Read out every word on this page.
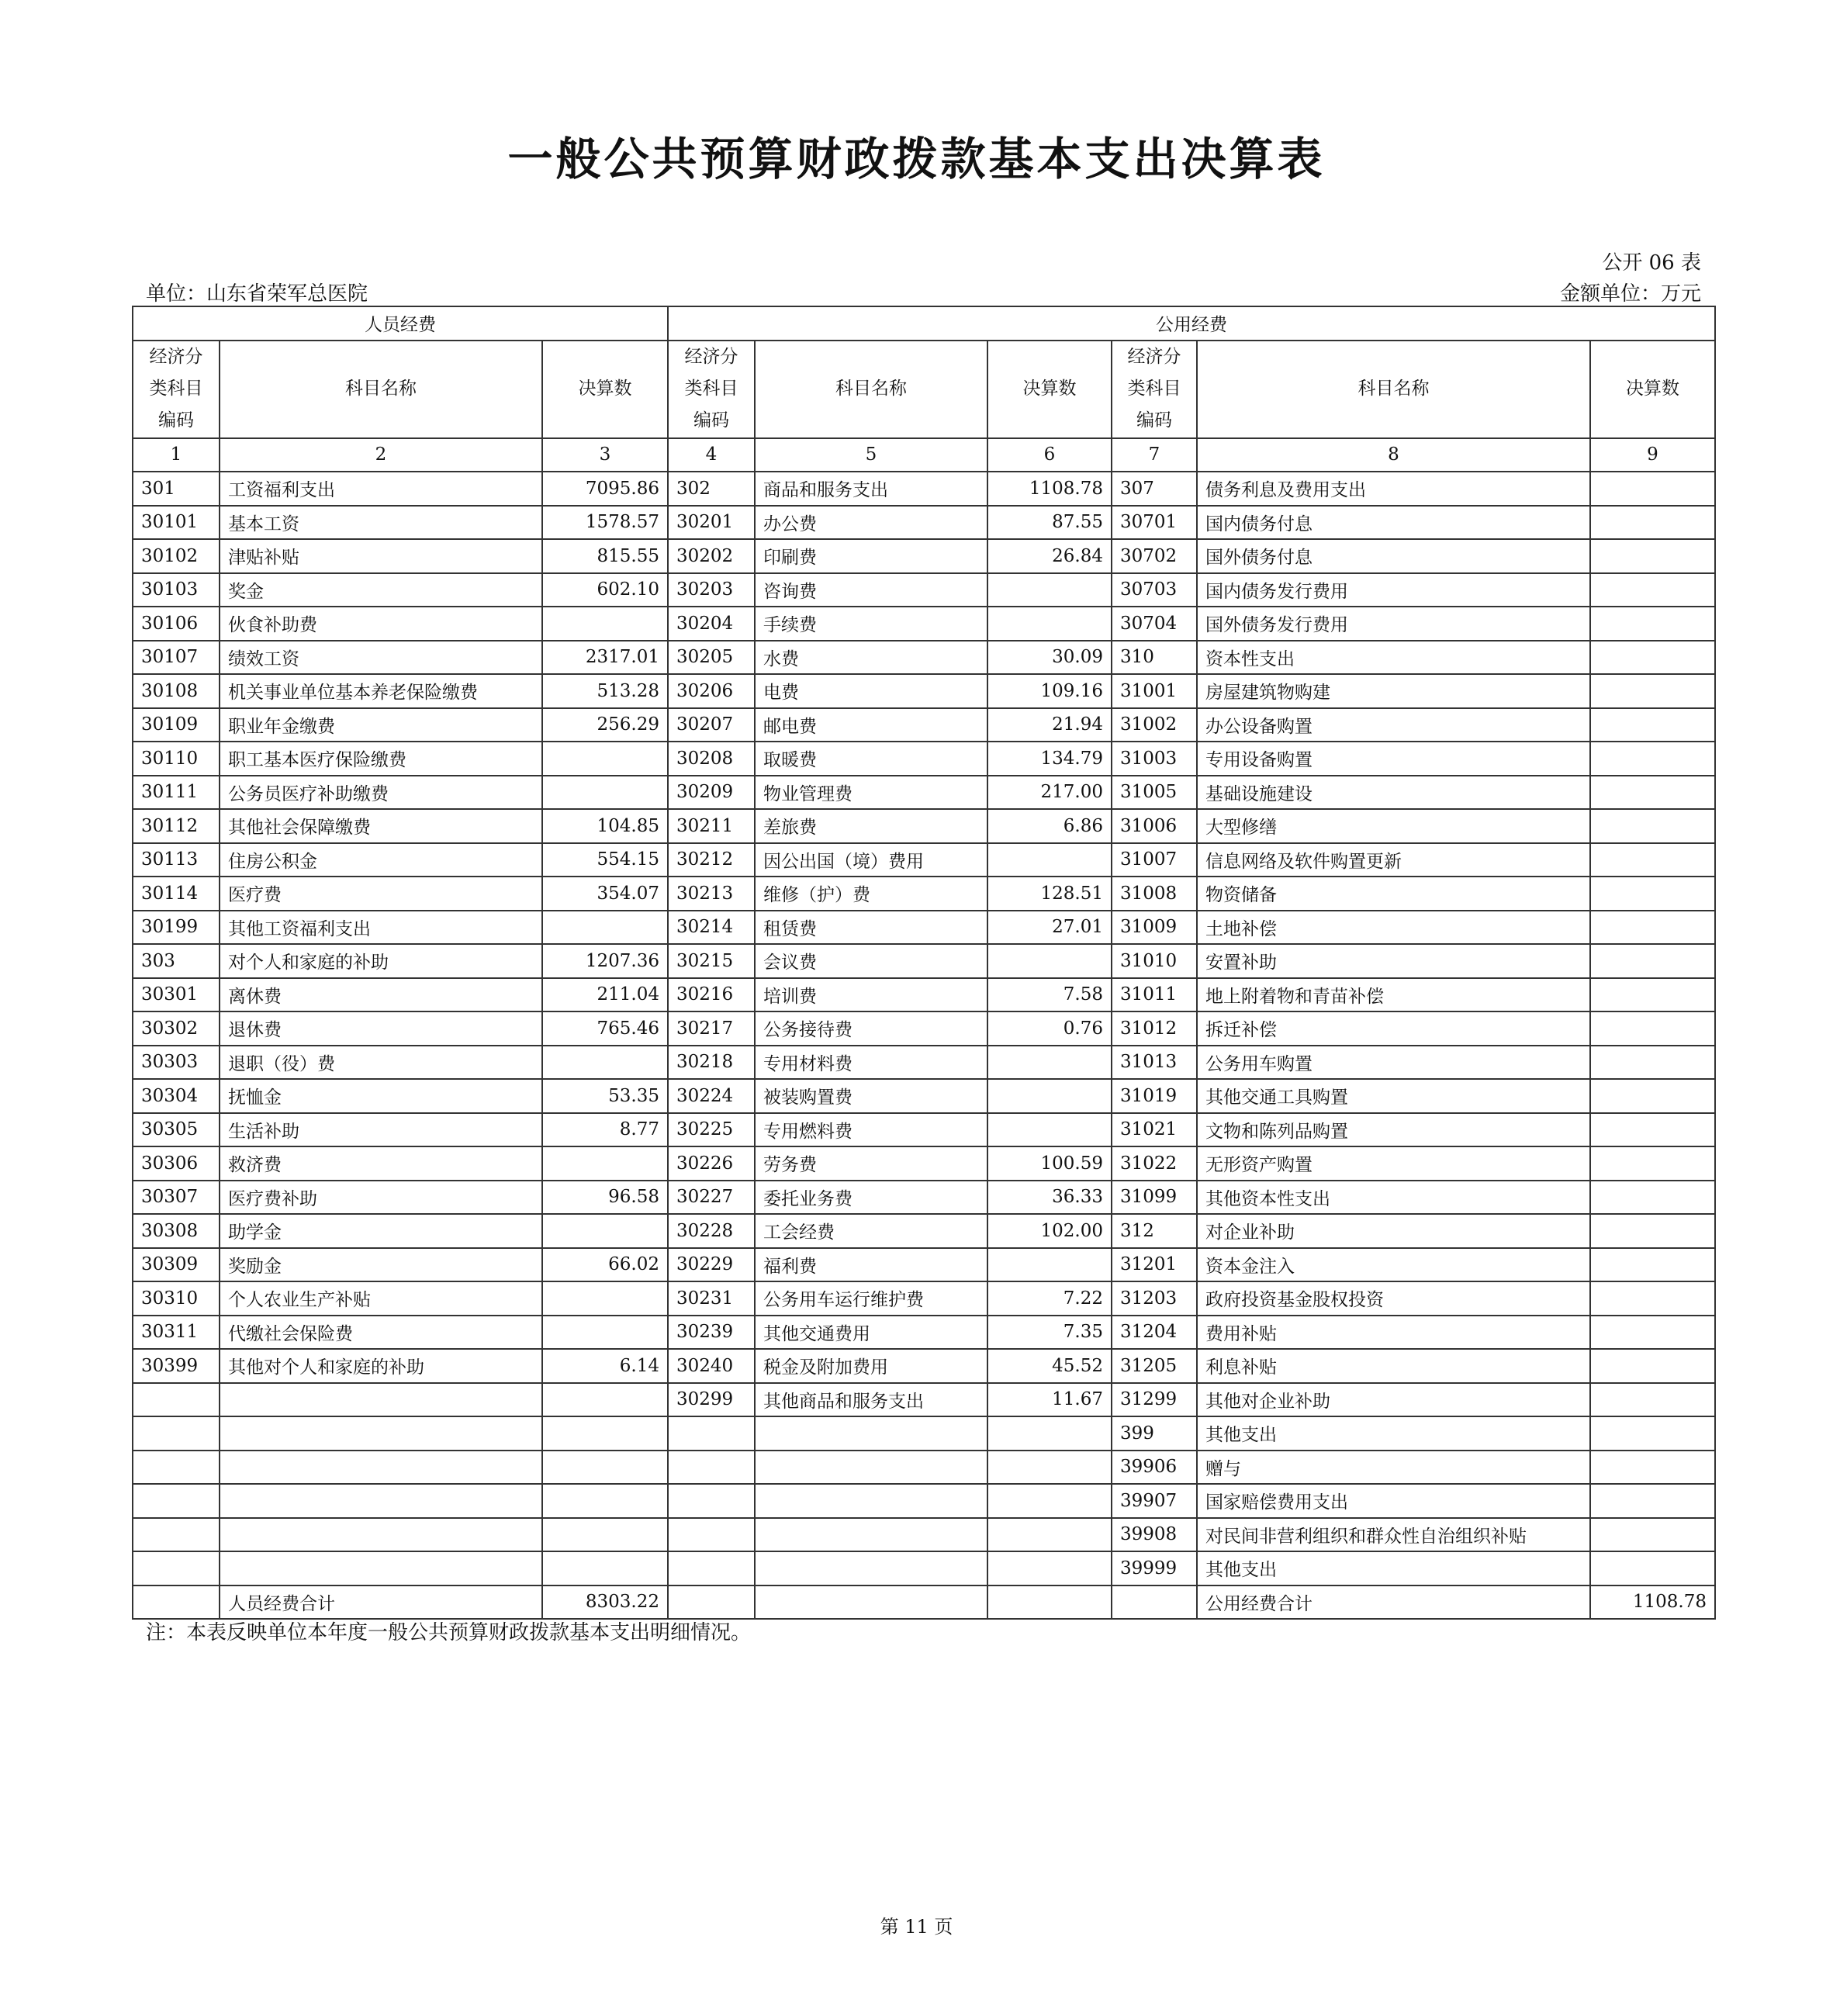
一般公共预算财政拨款基本支出决算表
公开 06 表
单位：山东省荣军总医院	金额单位：万元
人员经费			公用经费					
经济分类科目编码	科目名称	决算数	经济分类科目编码	科目名称	决算数	经济分类科目编码	科目名称	决算数
1	2	3	4	5	6	7	8	9
301	工资福利支出	7095.86	302	商品和服务支出	1108.78	307	债务利息及费用支出	
30101	基本工资	1578.57	30201	办公费	87.55	30701	国内债务付息	
30102	津贴补贴	815.55	30202	印刷费	26.84	30702	国外债务付息	
30103	奖金	602.10	30203	咨询费		30703	国内债务发行费用	
30106	伙食补助费		30204	手续费		30704	国外债务发行费用	
30107	绩效工资	2317.01	30205	水费	30.09	310	资本性支出	
30108	机关事业单位基本养老保险缴费	513.28	30206	电费	109.16	31001	房屋建筑物购建	
30109	职业年金缴费	256.29	30207	邮电费	21.94	31002	办公设备购置	
30110	职工基本医疗保险缴费		30208	取暖费	134.79	31003	专用设备购置	
30111	公务员医疗补助缴费		30209	物业管理费	217.00	31005	基础设施建设	
30112	其他社会保障缴费	104.85	30211	差旅费	6.86	31006	大型修缮	
30113	住房公积金	554.15	30212	因公出国（境）费用		31007	信息网络及软件购置更新	
30114	医疗费	354.07	30213	维修（护）费	128.51	31008	物资储备	
30199	其他工资福利支出		30214	租赁费	27.01	31009	土地补偿	
303	对个人和家庭的补助	1207.36	30215	会议费		31010	安置补助	
30301	离休费	211.04	30216	培训费	7.58	31011	地上附着物和青苗补偿	
30302	退休费	765.46	30217	公务接待费	0.76	31012	拆迁补偿	
30303	退职（役）费		30218	专用材料费		31013	公务用车购置	
30304	抚恤金	53.35	30224	被装购置费		31019	其他交通工具购置	
30305	生活补助	8.77	30225	专用燃料费		31021	文物和陈列品购置	
30306	救济费		30226	劳务费	100.59	31022	无形资产购置	
30307	医疗费补助	96.58	30227	委托业务费	36.33	31099	其他资本性支出	
30308	助学金		30228	工会经费	102.00	312	对企业补助	
30309	奖励金	66.02	30229	福利费		31201	资本金注入	
30310	个人农业生产补贴		30231	公务用车运行维护费	7.22	31203	政府投资基金股权投资	
30311	代缴社会保险费		30239	其他交通费用	7.35	31204	费用补贴	
30399	其他对个人和家庭的补助	6.14	30240	税金及附加费用	45.52	31205	利息补贴	
			30299	其他商品和服务支出	11.67	31299	其他对企业补助	
						399	其他支出	
						39906	赠与	
						39907	国家赔偿费用支出	
						39908	对民间非营利组织和群众性自治组织补贴	
						39999	其他支出	
	人员经费合计	8303.22					公用经费合计	1108.78
注：本表反映单位本年度一般公共预算财政拨款基本支出明细情况。
第 11 页
